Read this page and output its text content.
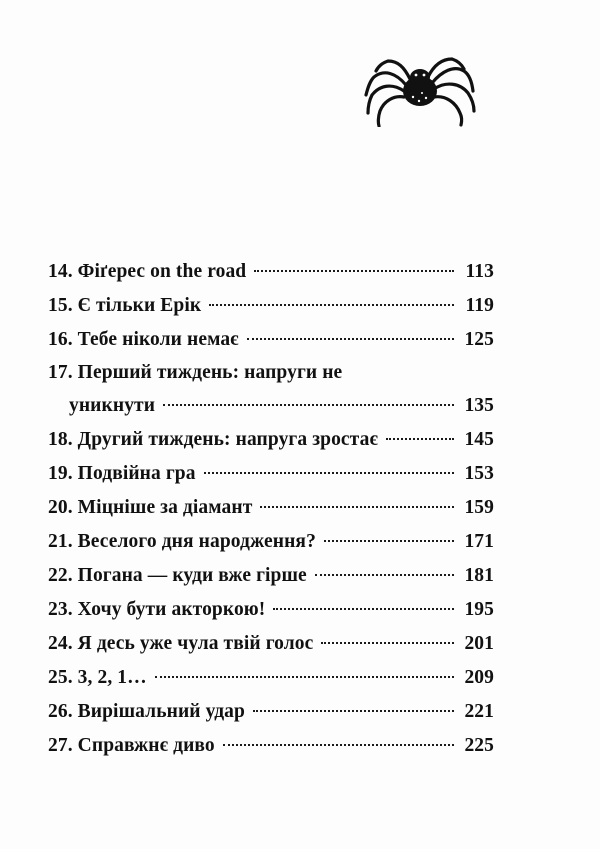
14. Фіґерес on the road	113
15. Є тільки Ерік	119
16. Тебе ніколи немає	125
17. Перший тиждень: напруги не
уникнути	135
18. Другий тиждень: напруга зростає	145
19. Подвійна гра	153
20. Міцніше за діамант	159
21. Веселого дня народження?	171
22. Погана — куди вже гірше	181
23. Хочу бути акторкою!	195
24. Я десь уже чула твій голос	201
25. 3, 2, 1…	209
26. Вирішальний удар	221
27. Справжнє диво	225
